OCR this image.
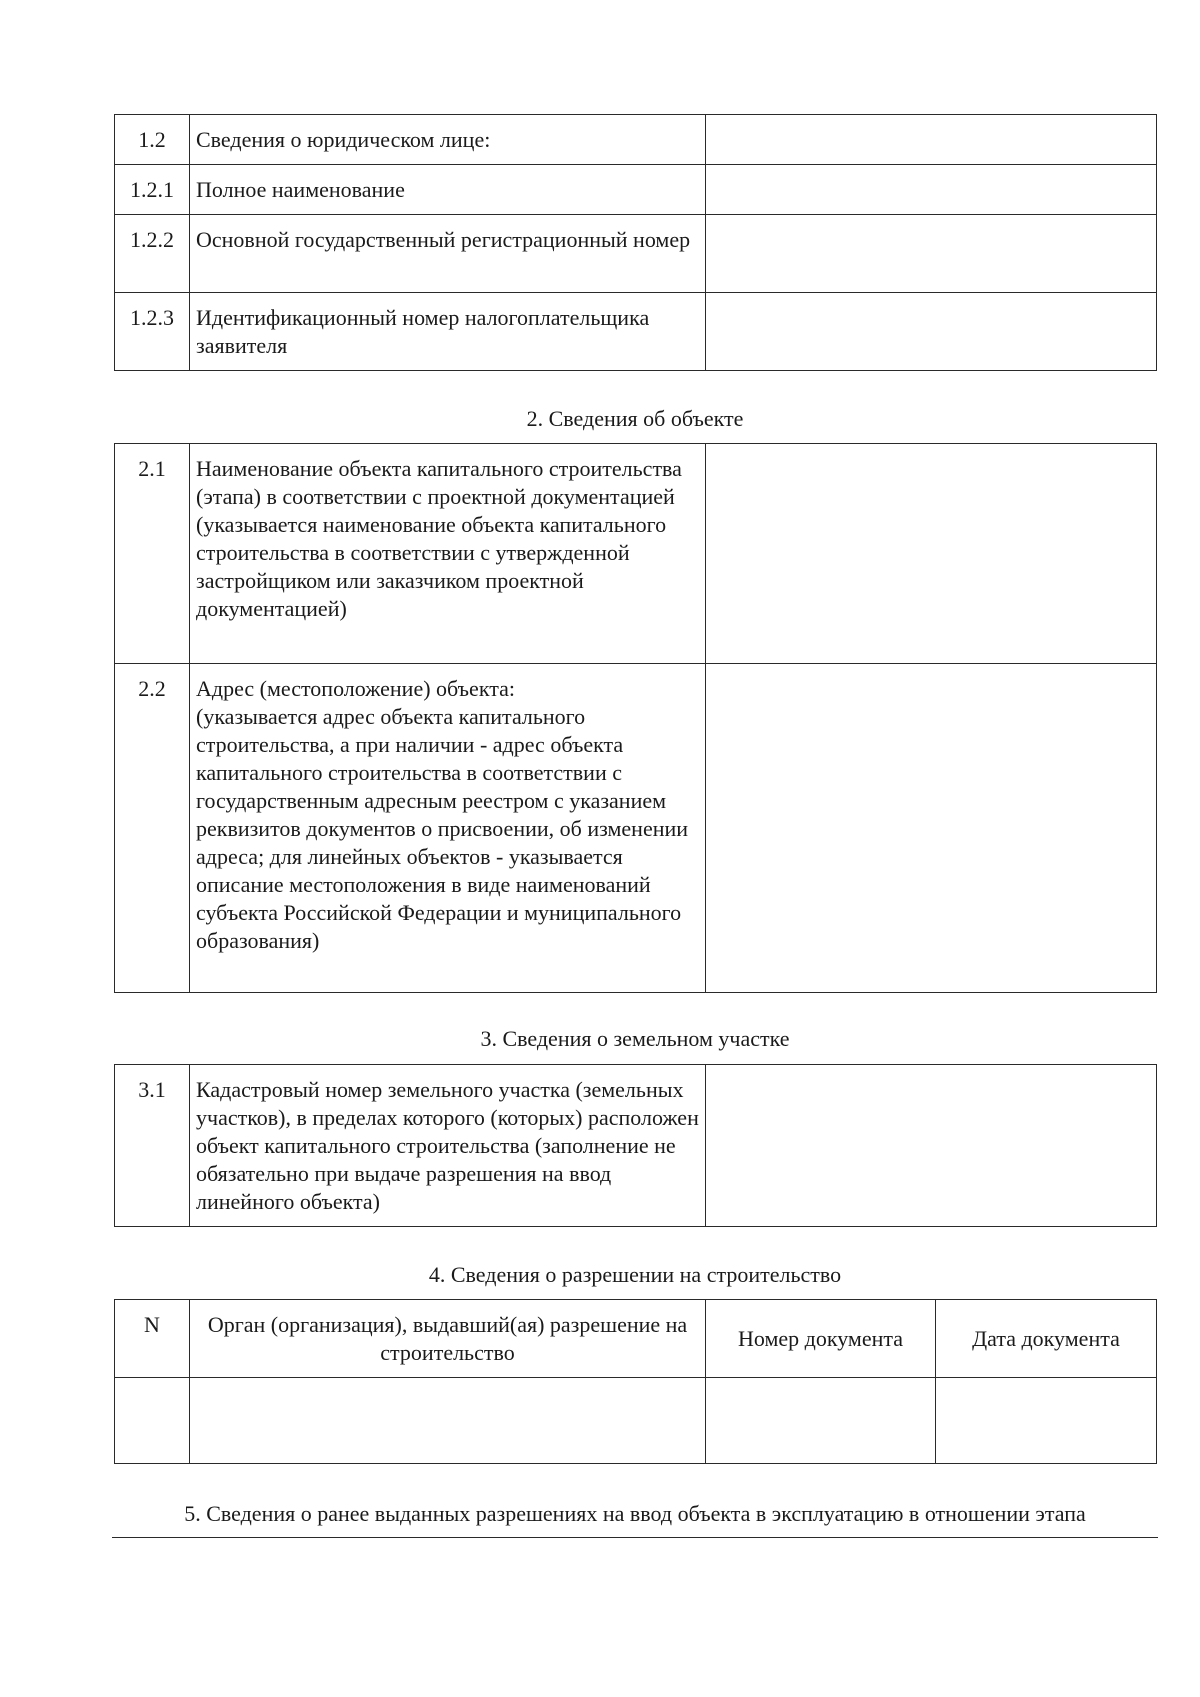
1.2	Сведения о юридическом лице:	
1.2.1	Полное наименование	
1.2.2	Основной государственный регистрационный номер	
1.2.3	Идентификационный номер налогоплательщика заявителя	
2. Сведения об объекте
2.1	Наименование объекта капитального строительства (этапа) в соответствии с проектной документацией
(указывается наименование объекта капитального строительства в соответствии с утвержденной застройщиком или заказчиком проектной документацией)	

2.2	Адрес (местоположение) объекта:
(указывается адрес объекта капитального строительства, а при наличии - адрес объекта капитального строительства в соответствии с государственным адресным реестром с указанием реквизитов документов о присвоении, об изменении адреса; для линейных объектов - указывается описание местоположения в виде наименований субъекта Российской Федерации и муниципального образования)	

3. Сведения о земельном участке
3.1	Кадастровый номер земельного участка (земельных участков), в пределах которого (которых) расположен объект капитального строительства (заполнение не обязательно при выдаче разрешения на ввод линейного объекта)	
4. Сведения о разрешении на строительство
N	Орган (организация), выдавший(ая) разрешение на строительство	Номер документа	Дата документа

5. Сведения о ранее выданных разрешениях на ввод объекта в эксплуатацию в отношении этапа
